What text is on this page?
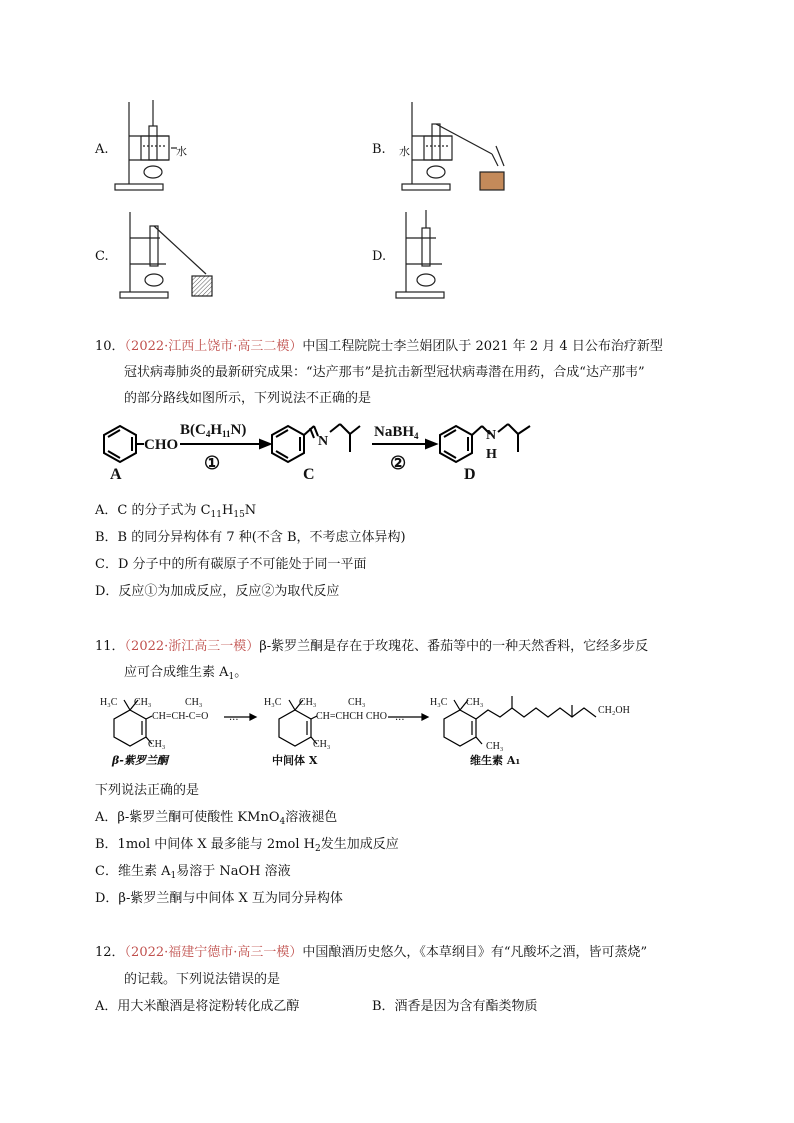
A.	水	B. 水
C.	D.
10．（2022·江西上饶市·高三二模）中国工程院院士李兰娟团队于 2021 年 2 月 4 日公布治疗新型
冠状病毒肺炎的最新研究成果：“达产那韦”是抗击新型冠状病毒潜在用药，合成“达产那韦”
的部分路线如图所示，下列说法不正确的是
CHO
A
$B(C_4H_{11}N)$
①
N
C
NaBH$_4$
②
N
H
D
A．C 的分子式为 $C_{11}H_{15}N$
B．B 的同分异构体有 7 种(不含 B，不考虑立体异构)
C．D 分子中的所有碳原子不可能处于同一平面
D．反应①为加成反应，反应②为取代反应
11．（2022·浙江高三一模）β-紫罗兰酮是存在于玫瑰花、番茄等中的一种天然香料，它经多步反
应可合成维生素 $A_1$。
H₃C CH₃	CH₃
CH=CH-C=O
CH₃
···
H₃C CH₃	CH₃
CH=CHCH CHO
CH₃
···
H₃C CH₃
CH₂OH
CH₃
β-紫罗兰酮	中间体 X	维生素 A₁
下列说法正确的是
A．β-紫罗兰酮可使酸性 KMnO$_4$溶液褪色
B．1mol 中间体 X 最多能与 2mol $H_2$发生加成反应
C．维生素 $A_1$易溶于 NaOH 溶液
D．β-紫罗兰酮与中间体 X 互为同分异构体
12．（2022·福建宁德市·高三一模）中国酿酒历史悠久，《本草纲目》有“凡酸坏之酒，皆可蒸烧”
的记载。下列说法错误的是
A．用大米酿酒是将淀粉转化成乙醇	B．酒香是因为含有酯类物质
